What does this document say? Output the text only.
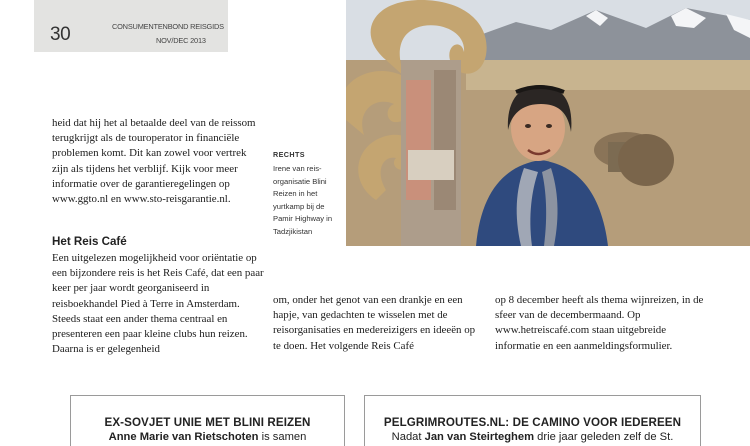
30	CONSUMENTENBOND REISGIDS
NOV/DEC 2013
RECHTS
Irene van reis-organisatie Blini Reizen in het yurtkamp bij de Pamir Highway in Tadzjikistan

heid dat hij het al betaalde deel van de reissom terugkrijgt als de touroperator in financiële problemen komt. Dit kan zowel voor vertrek zijn als tijdens het verblijf. Kijk voor meer informatie over de garantieregelingen op www.ggto.nl en www.sto-reisgarantie.nl.

Het Reis Café

Een uitgelezen mogelijkheid voor oriëntatie op een bijzondere reis is het Reis Café, dat een paar keer per jaar wordt georganiseerd in reisboekhandel Pied à Terre in Amsterdam. Steeds staat een ander thema centraal en presenteren een paar kleine clubs hun reizen. Daarna is er gelegenheid

om, onder het genot van een drankje en een hapje, van gedachten te wisselen met de reisorganisaties en medereizigers en ideeën op te doen. Het volgende Reis Café

op 8 december heeft als thema wijnreizen, in de sfeer van de decembermaand. Op www.hetreiscafé.com staan uitgebreide informatie en een aanmeldingsformulier.

EX-SOVJET UNIE MET BLINI REIZEN
Anne Marie van Rietschoten is samen
PELGRIMROUTES.NL: DE CAMINO VOOR IEDEREEN
Nadat Jan van Steirteghem drie jaar geleden zelf de St.
